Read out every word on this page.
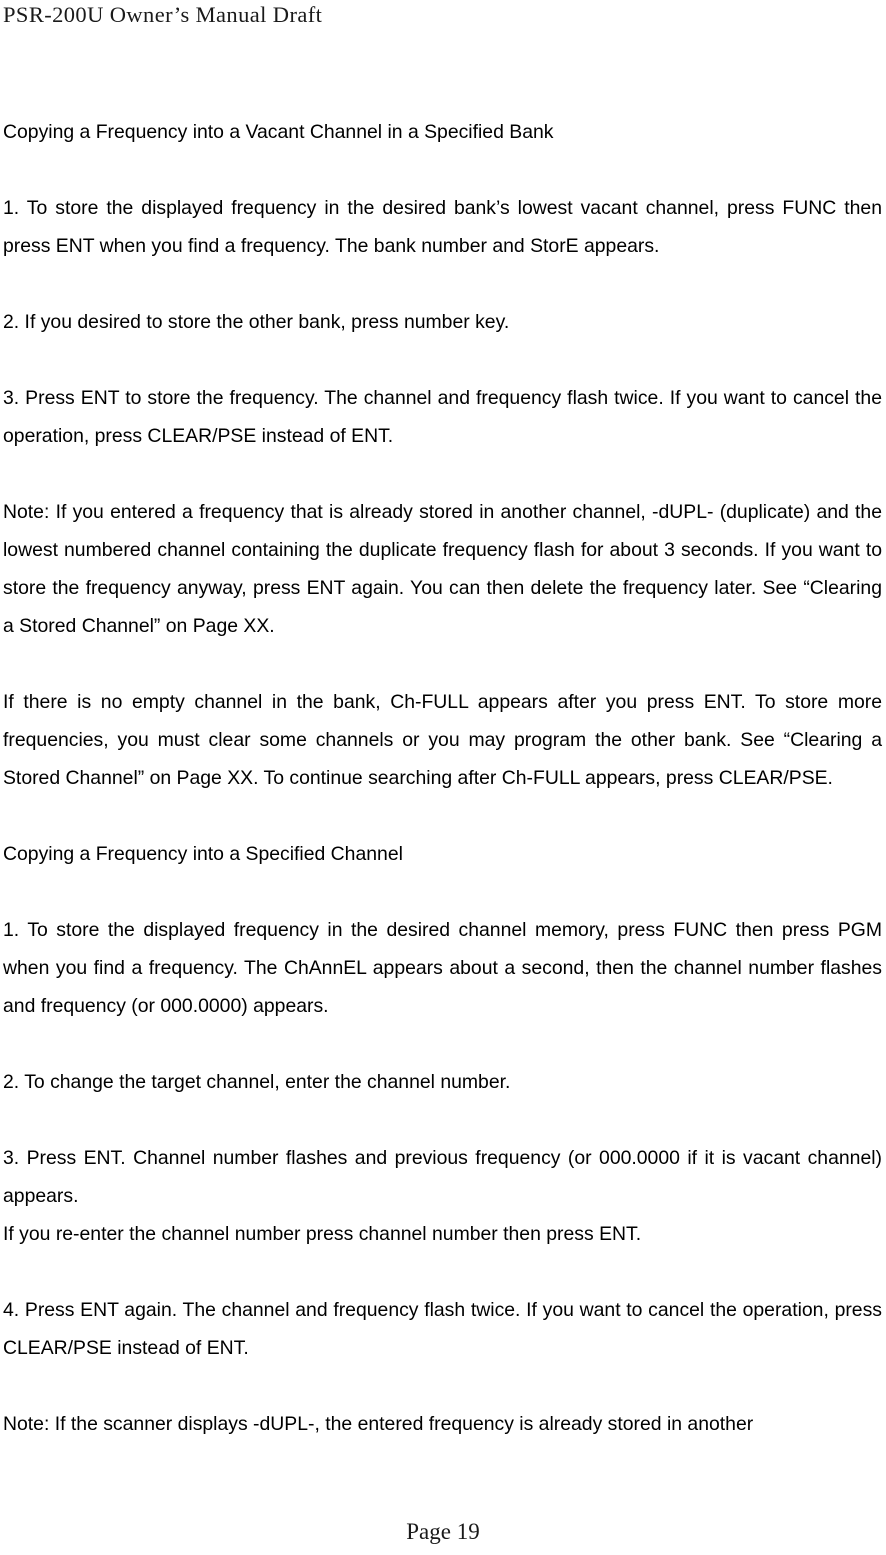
PSR-200U Owner’s Manual Draft

Copying a Frequency into a Vacant Channel in a Specified Bank

1. To store the displayed frequency in the desired bank’s lowest vacant channel, press FUNC then press ENT when you find a frequency. The bank number and StorE appears.

2. If you desired to store the other bank, press number key.

3. Press ENT to store the frequency. The channel and frequency flash twice. If you want to cancel the operation, press CLEAR/PSE instead of ENT.

Note: If you entered a frequency that is already stored in another channel, -dUPL- (duplicate) and the lowest numbered channel containing the duplicate frequency flash for about 3 seconds. If you want to store the frequency anyway, press ENT again. You can then delete the frequency later. See “Clearing a Stored Channel” on Page XX.

If there is no empty channel in the bank, Ch-FULL appears after you press ENT. To store more frequencies, you must clear some channels or you may program the other bank. See “Clearing a Stored Channel” on Page XX. To continue searching after Ch-FULL appears, press CLEAR/PSE.

Copying a Frequency into a Specified Channel

1. To store the displayed frequency in the desired channel memory, press FUNC then press PGM when you find a frequency. The ChAnnEL appears about a second, then the channel number flashes and frequency (or 000.0000) appears.

2. To change the target channel, enter the channel number.

3. Press ENT. Channel number flashes and previous frequency (or 000.0000 if it is vacant channel) appears.

If you re-enter the channel number press channel number then press ENT.

4. Press ENT again. The channel and frequency flash twice. If you want to cancel the operation, press CLEAR/PSE instead of ENT.

Note: If the scanner displays -dUPL-, the entered frequency is already stored in another

Page 19
